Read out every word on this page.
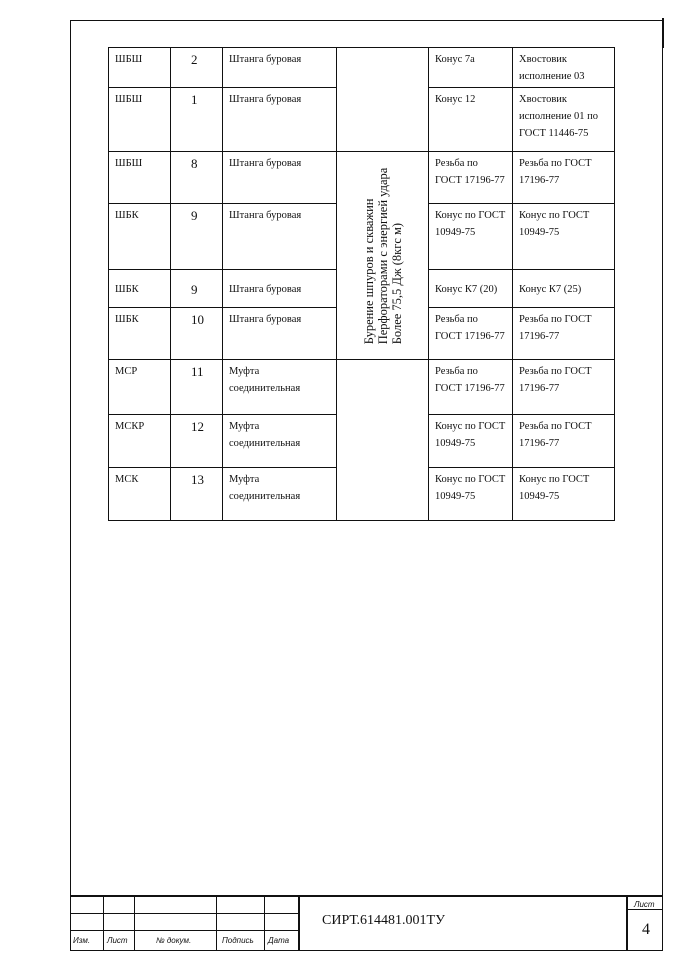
ШБШ	2	Штанга буровая		Конус 7а	Хвостовик исполнение 03
ШБШ	1	Штанга буровая		Конус 12	Хвостовик исполнение 01 по ГОСТ 11446-75
ШБШ	8	Штанга буровая	Бурение шпуров и скважин Перфораторами с энергией удара Более 75,5 Дж (8кгс м)	Резьба по ГОСТ 17196-77	Резьба по ГОСТ 17196-77
ШБК	9	Штанга буровая		Конус по ГОСТ 10949-75	Конус по ГОСТ 10949-75
ШБК	9	Штанга буровая		Конус К7 (20)	Конус К7 (25)
ШБК	10	Штанга буровая		Резьба по ГОСТ 17196-77	Резьба по ГОСТ 17196-77
МСР	11	Муфта соединительная		Резьба по ГОСТ 17196-77	Резьба по ГОСТ 17196-77
МСКР	12	Муфта соединительная		Конус по ГОСТ 10949-75	Резьба по ГОСТ 17196-77
МСК	13	Муфта соединительная		Конус по ГОСТ 10949-75	Конус по ГОСТ 10949-75
Изм. Лист	№ докум.	Подпись Дата
СИРТ.614481.001ТУ
Лист
4
